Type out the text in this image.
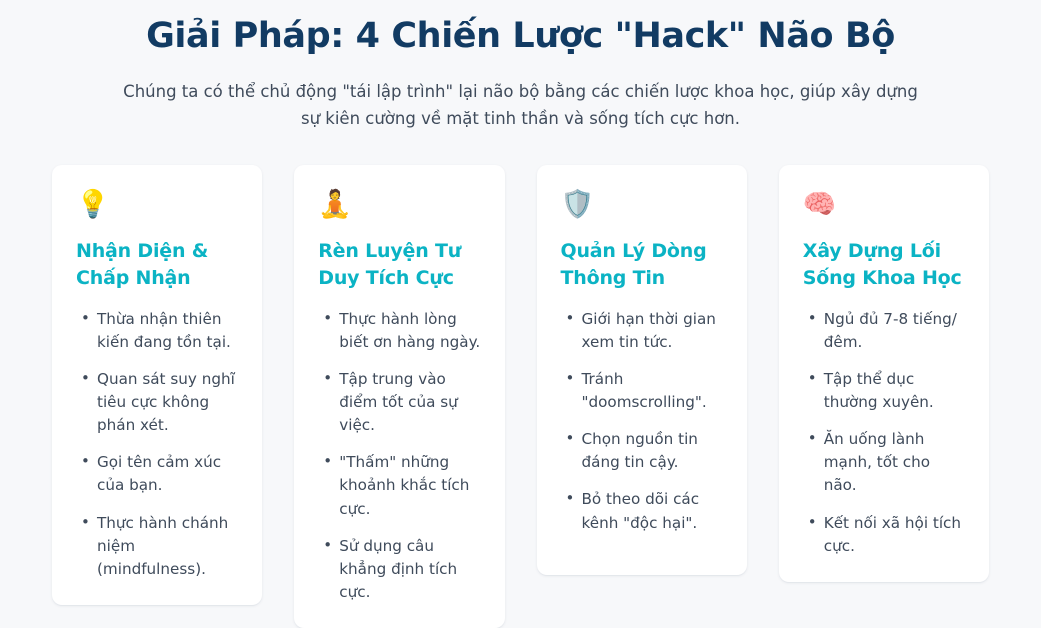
Giải Pháp: 4 Chiến Lược "Hack" Não Bộ

Chúng ta có thể chủ động "tái lập trình" lại não bộ bằng các chiến lược khoa học, giúp xây dựng sự kiên cường về mặt tinh thần và sống tích cực hơn.

💡
Nhận Diện & Chấp Nhận
• Thừa nhận thiên kiến đang tồn tại.
• Quan sát suy nghĩ tiêu cực không phán xét.
• Gọi tên cảm xúc của bạn.
• Thực hành chánh niệm (mindfulness).
🧘
Rèn Luyện Tư Duy Tích Cực
• Thực hành lòng biết ơn hàng ngày.
• Tập trung vào điểm tốt của sự việc.
• "Thấm" những khoảnh khắc tích cực.
• Sử dụng câu khẳng định tích cực.
🛡️
Quản Lý Dòng Thông Tin
• Giới hạn thời gian xem tin tức.
• Tránh "doomscrolling".
• Chọn nguồn tin đáng tin cậy.
• Bỏ theo dõi các kênh "độc hại".
🧠
Xây Dựng Lối Sống Khoa Học
• Ngủ đủ 7-8 tiếng/đêm.
• Tập thể dục thường xuyên.
• Ăn uống lành mạnh, tốt cho não.
• Kết nối xã hội tích cực.
